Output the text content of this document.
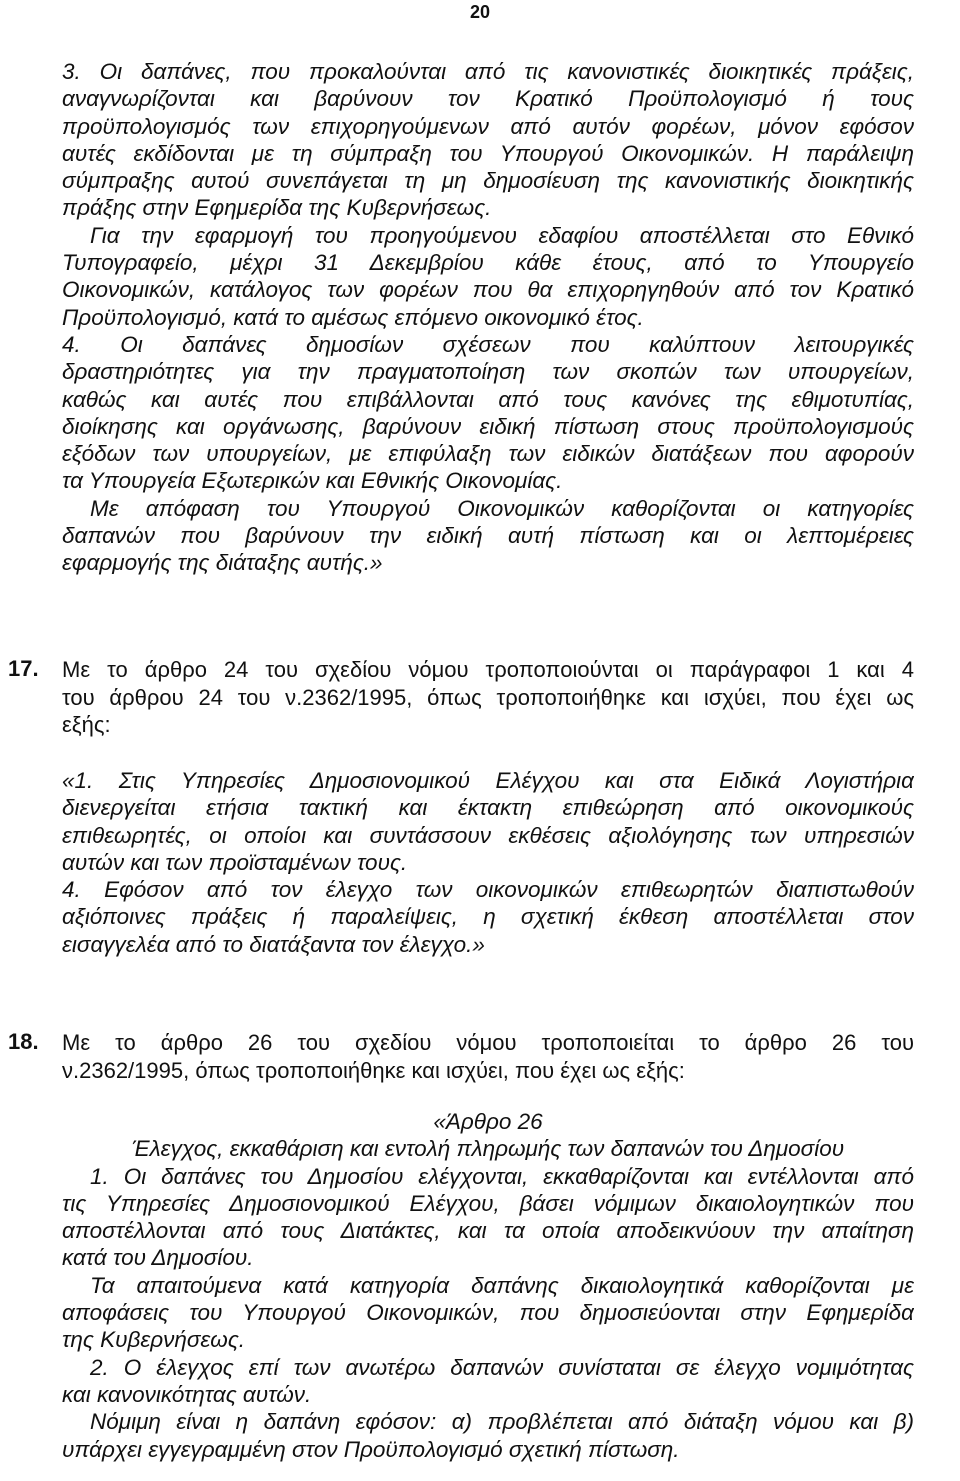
20
3. Οι δαπάνες, που προκαλούνται από τις κανονιστικές διοικητικές πράξεις,
αναγνωρίζονται και βαρύνουν τον Κρατικό Προϋπολογισμό ή τους
προϋπολογισμός των επιχορηγούμενων από αυτόν φορέων, μόνον εφόσον
αυτές εκδίδονται με τη σύμπραξη του Υπουργού Οικονομικών. Η παράλειψη
σύμπραξης αυτού συνεπάγεται τη μη δημοσίευση της κανονιστικής διοικητικής
πράξης στην Εφημερίδα της Κυβερνήσεως.
Για την εφαρμογή του προηγούμενου εδαφίου αποστέλλεται στο Εθνικό
Τυπογραφείο, μέχρι 31 Δεκεμβρίου κάθε έτους, από το Υπουργείο
Οικονομικών, κατάλογος των φορέων που θα επιχορηγηθούν από τον Κρατικό
Προϋπολογισμό, κατά το αμέσως επόμενο οικονομικό έτος.
4. Οι δαπάνες δημοσίων σχέσεων που καλύπτουν λειτουργικές
δραστηριότητες για την πραγματοποίηση των σκοπών των υπουργείων,
καθώς και αυτές που επιβάλλονται από τους κανόνες της εθιμοτυπίας,
διοίκησης και οργάνωσης, βαρύνουν ειδική πίστωση στους προϋπολογισμούς
εξόδων των υπουργείων, με επιφύλαξη των ειδικών διατάξεων που αφορούν
τα Υπουργεία Εξωτερικών και Εθνικής Οικονομίας.
Με απόφαση του Υπουργού Οικονομικών καθορίζονται οι κατηγορίες
δαπανών που βαρύνουν την ειδική αυτή πίστωση και οι λεπτομέρειες
εφαρμογής της διάταξης αυτής.»
17. Με το άρθρο 24 του σχεδίου νόμου τροποποιούνται οι παράγραφοι 1 και 4
του άρθρου 24 του ν.2362/1995, όπως τροποποιήθηκε και ισχύει, που έχει ως
εξής:
«1. Στις Υπηρεσίες Δημοσιονομικού Ελέγχου και στα Ειδικά Λογιστήρια
διενεργείται ετήσια τακτική και έκτακτη επιθεώρηση από οικονομικούς
επιθεωρητές, οι οποίοι και συντάσσουν εκθέσεις αξιολόγησης των υπηρεσιών
αυτών και των προϊσταμένων τους.
4. Εφόσον από τον έλεγχο των οικονομικών επιθεωρητών διαπιστωθούν
αξιόποινες πράξεις ή παραλείψεις, η σχετική έκθεση αποστέλλεται στον
εισαγγελέα από το διατάξαντα τον έλεγχο.»
18. Με το άρθρο 26 του σχεδίου νόμου τροποποιείται το άρθρο 26 του
ν.2362/1995, όπως τροποποιήθηκε και ισχύει, που έχει ως εξής:
«Άρθρο 26
Έλεγχος, εκκαθάριση και εντολή πληρωμής των δαπανών του Δημοσίου
1. Οι δαπάνες του Δημοσίου ελέγχονται, εκκαθαρίζονται και εντέλλονται από
τις Υπηρεσίες Δημοσιονομικού Ελέγχου, βάσει νόμιμων δικαιολογητικών που
αποστέλλονται από τους Διατάκτες, και τα οποία αποδεικνύουν την απαίτηση
κατά του Δημοσίου.
Τα απαιτούμενα κατά κατηγορία δαπάνης δικαιολογητικά καθορίζονται με
αποφάσεις του Υπουργού Οικονομικών, που δημοσιεύονται στην Εφημερίδα
της Κυβερνήσεως.
2. Ο έλεγχος επί των ανωτέρω δαπανών συνίσταται σε έλεγχο νομιμότητας
και κανονικότητας αυτών.
Νόμιμη είναι η δαπάνη εφόσον: α) προβλέπεται από διάταξη νόμου και β)
υπάρχει εγγεγραμμένη στον Προϋπολογισμό σχετική πίστωση.
